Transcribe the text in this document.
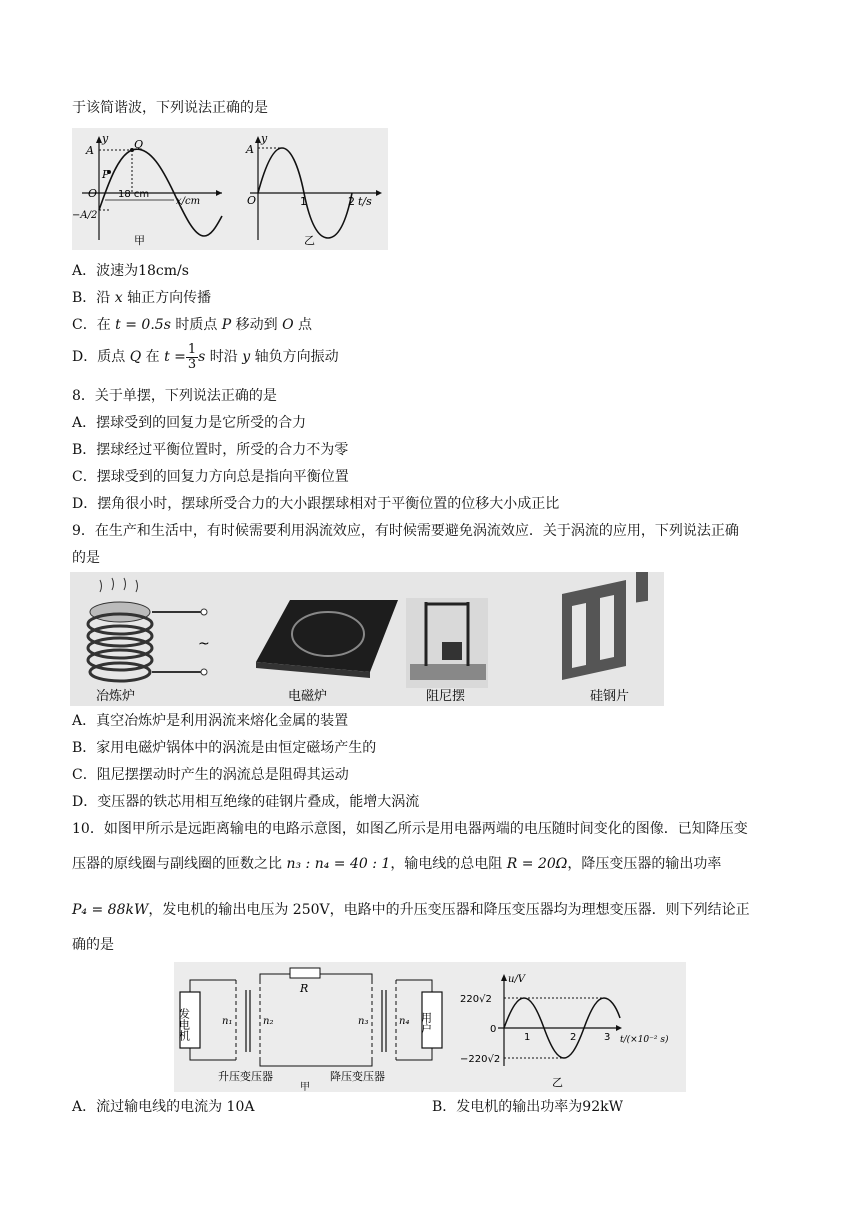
于该简谐波，下列说法正确的是
y
A	Q
P
O
−A/2
18 cm
x/cm
甲
y
A
O	1	2 t/s
乙
A．波速为18cm/s
B．沿 x 轴正方向传播
C．在 t = 0.5s 时质点 P 移动到 O 点
D．质点 Q 在 $t = \frac{1}{3}$ s 时沿 y 轴负方向振动
8．关于单摆，下列说法正确的是
A．摆球受到的回复力是它所受的合力
B．摆球经过平衡位置时，所受的合力不为零
C．摆球受到的回复力方向总是指向平衡位置
D．摆角很小时，摆球所受合力的大小跟摆球相对于平衡位置的位移大小成正比
9．在生产和生活中，有时候需要利用涡流效应，有时候需要避免涡流效应．关于涡流的应用，下列说法正确
的是
~
冶炼炉	电磁炉	阻尼摆	硅钢片
A．真空冶炼炉是利用涡流来熔化金属的装置
B．家用电磁炉锅体中的涡流是由恒定磁场产生的
C．阻尼摆摆动时产生的涡流总是阻碍其运动
D．变压器的铁芯用相互绝缘的硅钢片叠成，能增大涡流
10．如图甲所示是远距离输电的电路示意图，如图乙所示是用电器两端的电压随时间变化的图像．已知降压变
压器的原线圈与副线圈的匝数之比 n₃ : n₄ = 40 : 1，输电线的总电阻 R = 20Ω，降压变压器的输出功率
P₄ = 88kW，发电机的输出电压为 250V，电路中的升压变压器和降压变压器均为理想变压器．则下列结论正
确的是
发电机	n₁	n₂
R
n₃	n₄ 用户
升压变压器	降压变压器
甲
u/V
220√2
0
−220√2
1	2	3 t/(×10⁻² s)
乙
A．流过输电线的电流为 10A	B．发电机的输出功率为92kW
